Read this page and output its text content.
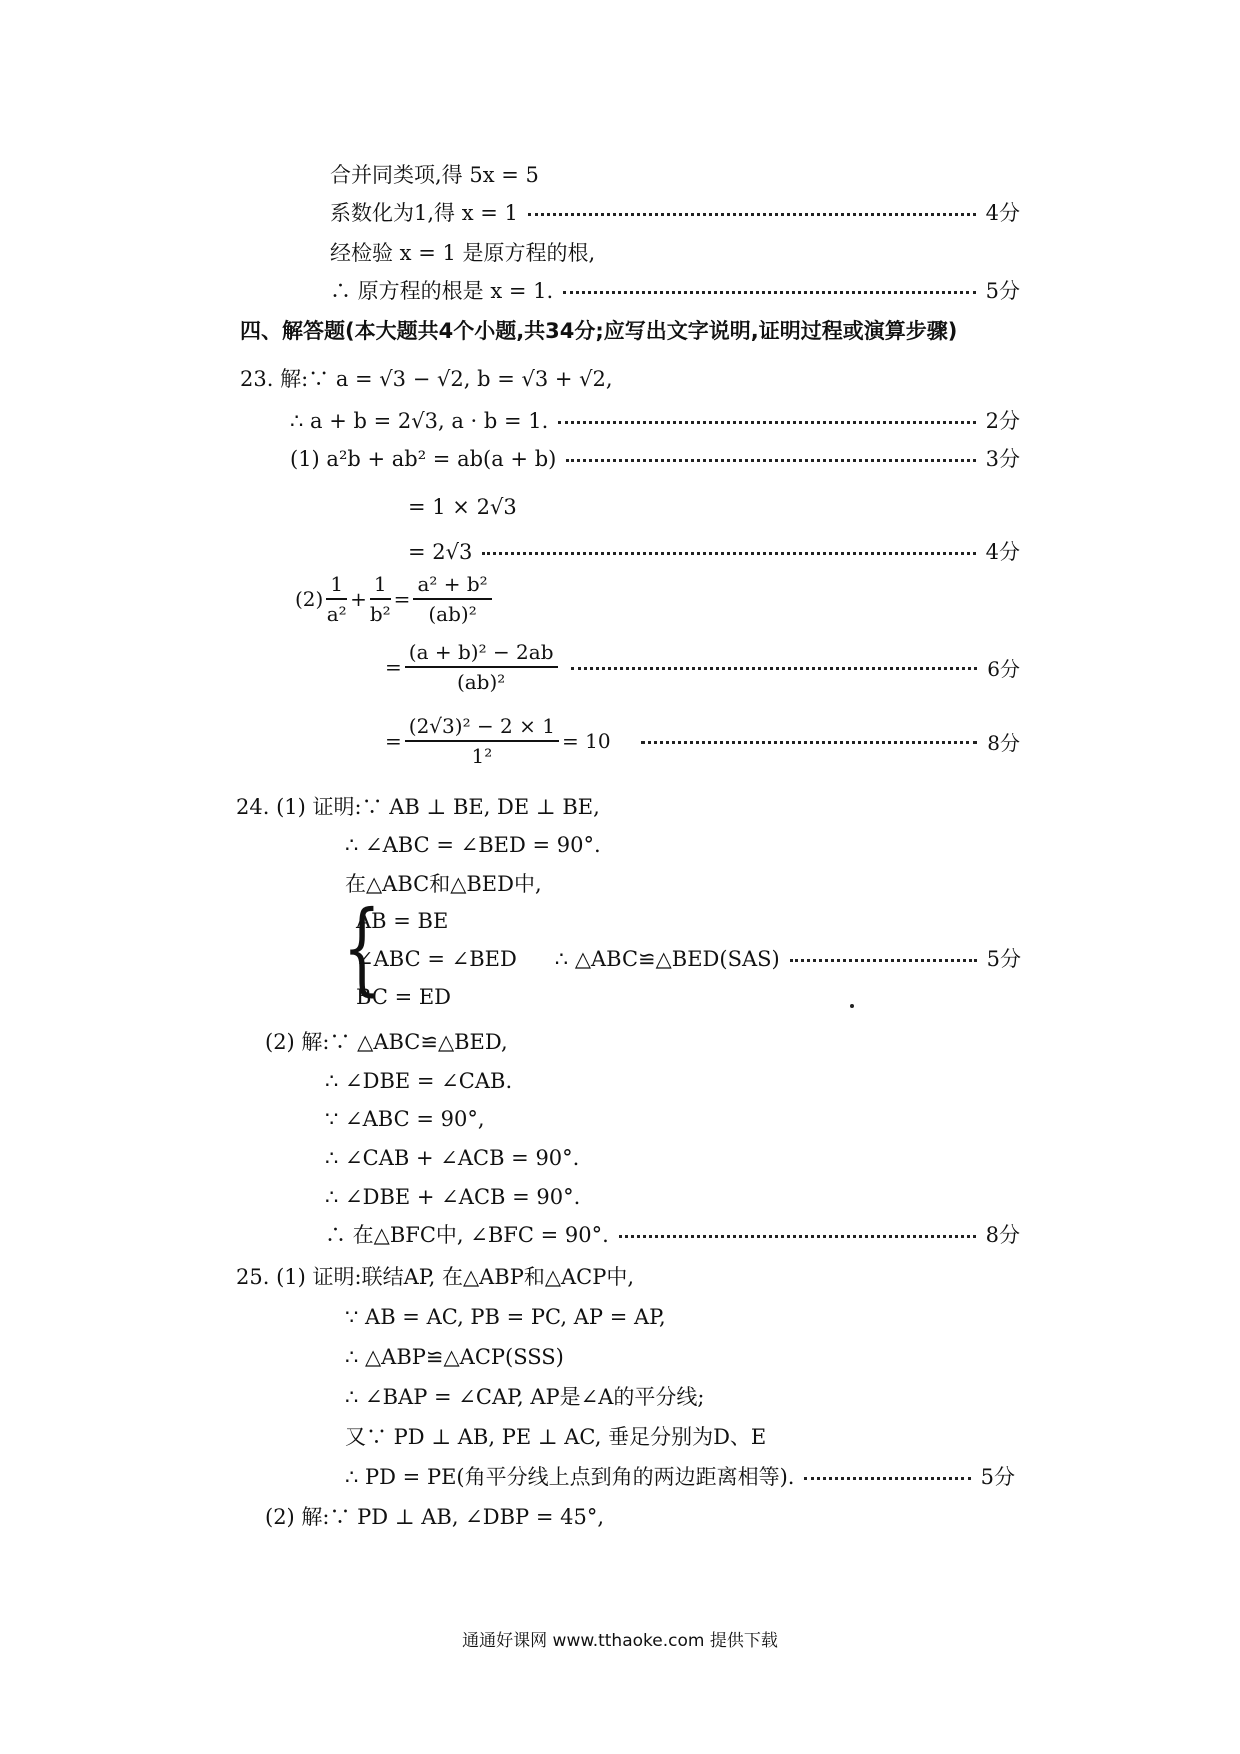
合并同类项,得 5x = 5
系数化为1,得 x = 1	4分
经检验 x = 1 是原方程的根,
∴ 原方程的根是 x = 1.	5分
四、解答题(本大题共4个小题,共34分;应写出文字说明,证明过程或演算步骤)
23. 解:∵ a = √3 − √2, b = √3 + √2,
∴ a + b = 2√3, a · b = 1.	2分
(1) a²b + ab² = ab(a + b)	3分
= 1 × 2√3
= 2√3	4分
$(2) \frac{1}{\text{a²}} + \frac{1}{\text{b²}} = \frac{\text{a² + b²}}{\text{(ab)²}}$
= $\frac{\text{(a + b)² − 2ab}}{\text{(ab)²}}$	6分
= $\frac{\text{(2√3)² − 2 × 1}}{\text{1²}} = 10$	8分
24. (1) 证明:∵ AB ⊥ BE, DE ⊥ BE,
∴ ∠ABC = ∠BED = 90°.
在△ABC和△BED中,
{
AB = BE
∠ABC = ∠BED ∴ △ABC≌△BED(SAS)	5分
BC = ED
(2) 解:∵ △ABC≌△BED,
∴ ∠DBE = ∠CAB.
∵ ∠ABC = 90°,
∴ ∠CAB + ∠ACB = 90°.
∴ ∠DBE + ∠ACB = 90°.
∴ 在△BFC中, ∠BFC = 90°.	8分
25. (1) 证明:联结AP, 在△ABP和△ACP中,
∵ AB = AC, PB = PC, AP = AP,
∴ △ABP≌△ACP(SSS)
∴ ∠BAP = ∠CAP, AP是∠A的平分线;
又∵ PD ⊥ AB, PE ⊥ AC, 垂足分别为D、E
∴ PD = PE(角平分线上点到角的两边距离相等).	5分
(2) 解:∵ PD ⊥ AB, ∠DBP = 45°,
通通好课网 www.tthaoke.com 提供下载
